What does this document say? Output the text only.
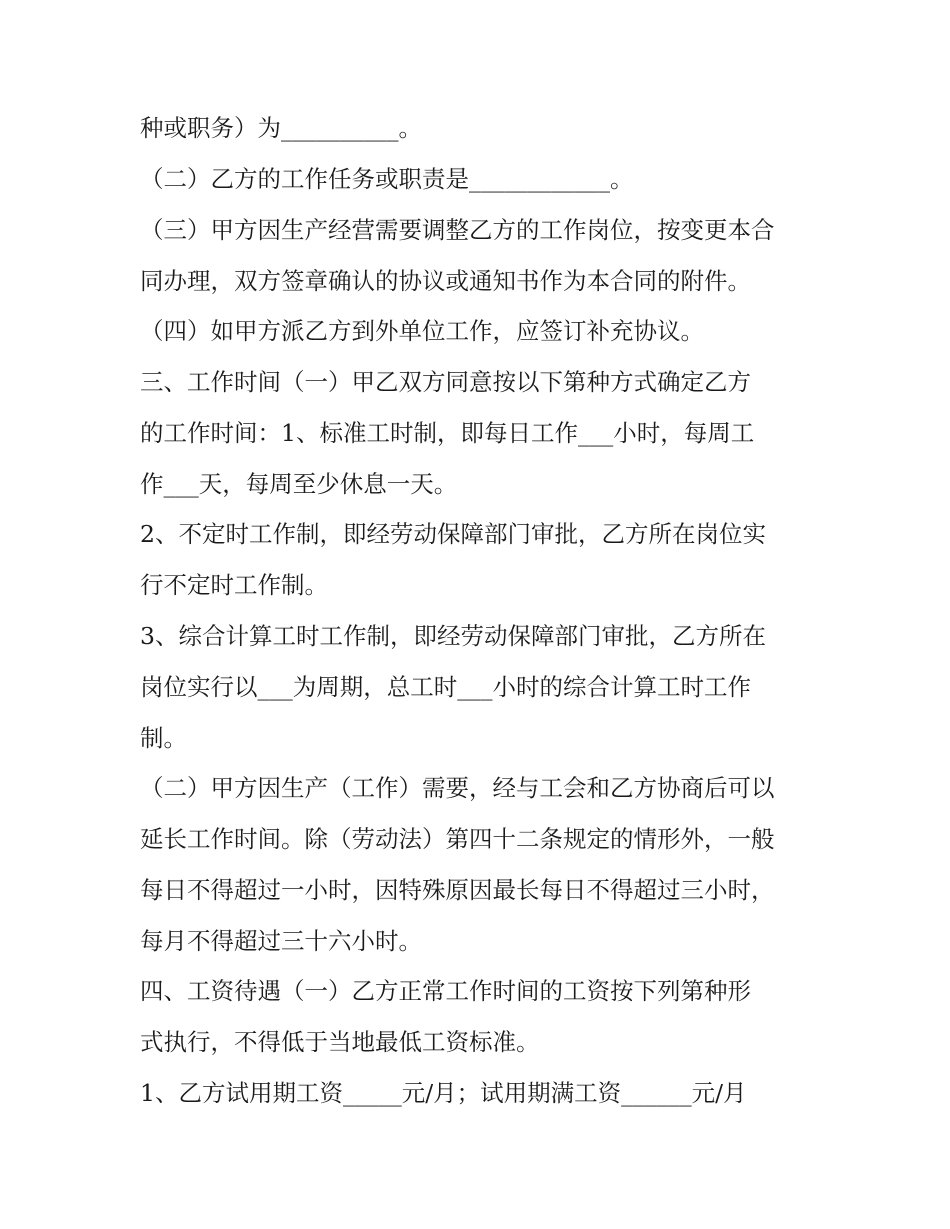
种或职务）为__________。

（二）乙方的工作任务或职责是____________。

（三）甲方因生产经营需要调整乙方的工作岗位，按变更本合

同办理，双方签章确认的协议或通知书作为本合同的附件。

（四）如甲方派乙方到外单位工作，应签订补充协议。

三、工作时间（一）甲乙双方同意按以下第种方式确定乙方

的工作时间：1、标准工时制，即每日工作___小时，每周工

作___天，每周至少休息一天。

2、不定时工作制，即经劳动保障部门审批，乙方所在岗位实

行不定时工作制。

3、综合计算工时工作制，即经劳动保障部门审批，乙方所在

岗位实行以___为周期，总工时___小时的综合计算工时工作

制。

（二）甲方因生产（工作）需要，经与工会和乙方协商后可以

延长工作时间。除（劳动法）第四十二条规定的情形外，一般

每日不得超过一小时，因特殊原因最长每日不得超过三小时，

每月不得超过三十六小时。

四、工资待遇（一）乙方正常工作时间的工资按下列第种形

式执行，不得低于当地最低工资标准。

1、乙方试用期工资_____元/月；试用期满工资______元/月
